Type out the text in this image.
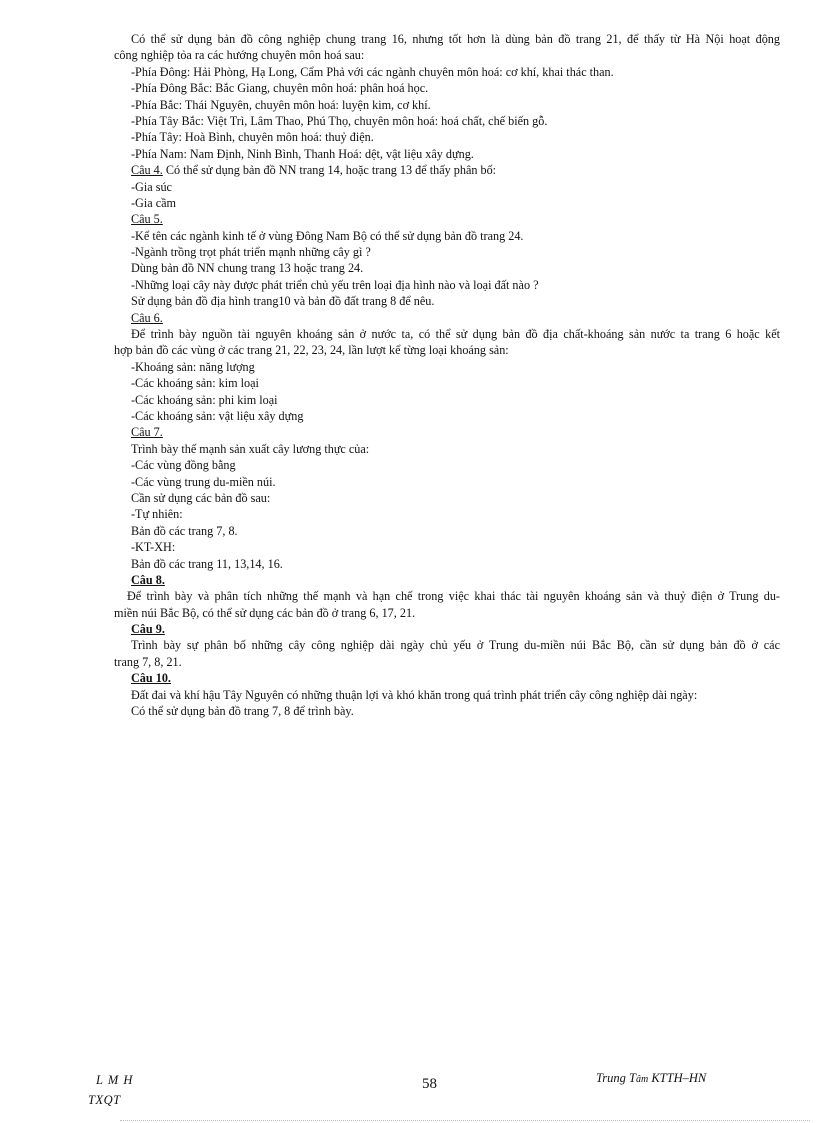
Có thể sử dụng bản đồ công nghiệp chung trang 16, nhưng tốt hơn là dùng bản đồ trang 21, để thấy từ Hà Nội hoạt động
công nghiệp tỏa ra các hướng chuyên môn hoá sau:
-Phía Đông: Hải Phòng, Hạ Long, Cẩm Phả với các ngành chuyên môn hoá: cơ khí, khai thác than.
-Phía Đông Bắc: Bắc Giang, chuyên môn hoá: phân hoá học.
-Phía Bắc: Thái Nguyên, chuyên môn hoá: luyện kim, cơ khí.
-Phía Tây Bắc: Việt Trì, Lâm Thao, Phú Thọ, chuyên môn hoá: hoá chất, chế biến gỗ.
-Phía Tây: Hoà Bình, chuyên môn hoá: thuỷ điện.
-Phía Nam: Nam Định, Ninh Bình, Thanh Hoá: dệt, vật liệu xây dựng.
Câu 4. Có thể sử dụng bản đồ NN trang 14, hoặc trang 13 để thấy phân bố:
-Gia súc
-Gia cầm
Câu 5.
-Kể tên các ngành kinh tế ở vùng Đông Nam Bộ có thể sử dụng bản đồ trang 24.
-Ngành trồng trọt phát triển mạnh những cây gì ?
Dùng bản đồ NN chung trang 13 hoặc trang 24.
-Những loại cây này được phát triển chủ yếu trên loại địa hình nào và loại đất nào ?
Sử dụng bản đồ địa hình trang10 và bản đồ đất trang 8 để nêu.
Câu 6.
Để trình bày nguồn tài nguyên khoáng sản ở nước ta, có thể sử dụng bản đồ địa chất-khoáng sản nước ta trang 6 hoặc kết
hợp bản đồ các vùng ở các trang 21, 22, 23, 24, lần lượt kể từng loại khoáng sản:
-Khoáng sản: năng lượng
-Các khoáng sản: kim loại
-Các khoáng sản: phi kim loại
-Các khoáng sản: vật liệu xây dựng
Câu 7.
Trình bày thế mạnh sản xuất cây lương thực của:
-Các vùng đồng bằng
-Các vùng trung du-miền núi.
Cần sử dụng các bản đồ sau:
-Tự nhiên:
Bản đồ các trang 7, 8.
-KT-XH:
Bản đồ các trang 11, 13,14, 16.
Câu 8.
Để trình bày và phân tích những thế mạnh và hạn chế trong việc khai thác tài nguyên khoáng sản và thuỷ điện ở Trung du-
miền núi Bắc Bộ, có thể sử dụng các bản đồ ở trang 6, 17, 21.
Câu 9.
Trình bày sự phân bố những cây công nghiệp dài ngày chủ yếu ở Trung du-miền núi Bắc Bộ, cần sử dụng bản đồ ở các
trang 7, 8, 21.
Câu 10.
Đất đai và khí hậu Tây Nguyên có những thuận lợi và khó khăn trong quá trình phát triển cây công nghiệp dài ngày:
Có thể sử dụng bản đồ trang 7, 8 để trình bày.
L M H
TXQT
58	Trung Tâm KTTH–HN
